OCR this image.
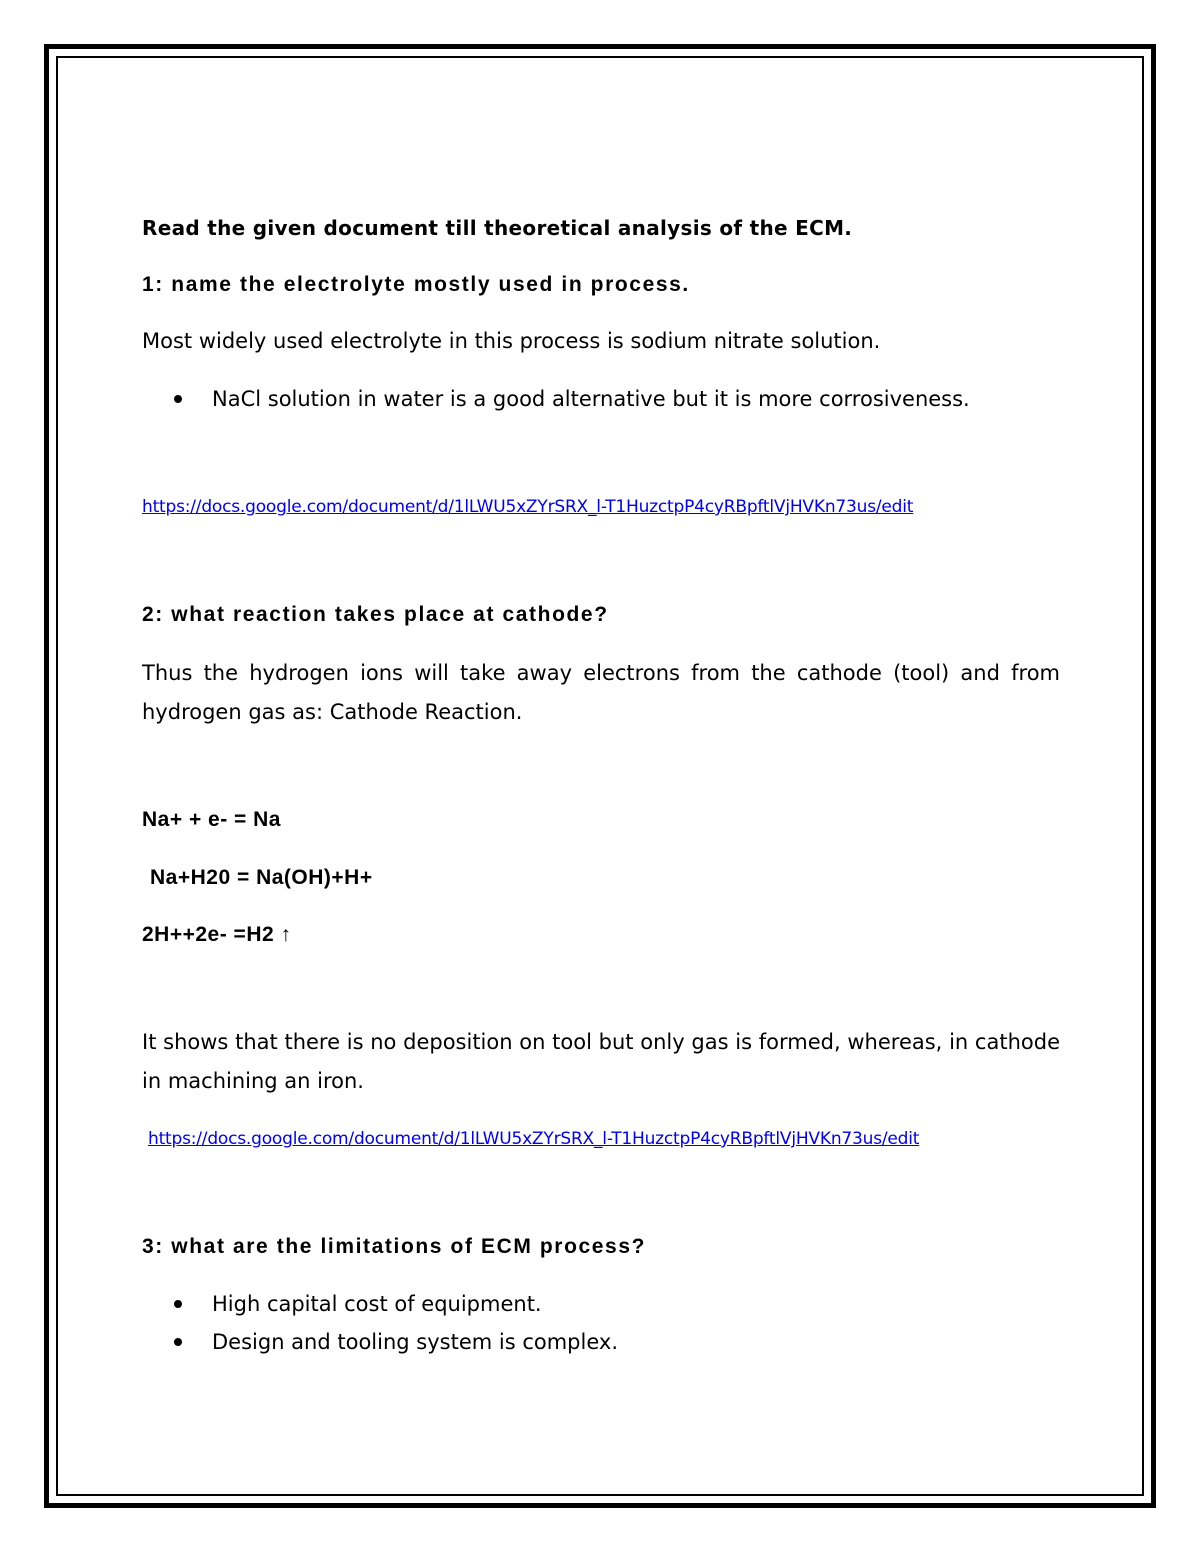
Read the given document till theoretical analysis of the ECM.
1: name the electrolyte mostly used in process.
Most widely used electrolyte in this process is sodium nitrate solution.
NaCl solution in water is a good alternative but it is more corrosiveness.
https://docs.google.com/document/d/1lLWU5xZYrSRX_l-T1HuzctpP4cyRBpftlVjHVKn73us/edit
2: what reaction takes place at cathode?
Thus the hydrogen ions will take away electrons from the cathode (tool) and from hydrogen gas as: Cathode Reaction.
Na+ + e- = Na
Na+H20 = Na(OH)+H+
2H++2e- =H2 ↑
It shows that there is no deposition on tool but only gas is formed, whereas, in cathode in machining an iron.
https://docs.google.com/document/d/1lLWU5xZYrSRX_l-T1HuzctpP4cyRBpftlVjHVKn73us/edit
3: what are the limitations of ECM process?
High capital cost of equipment.
Design and tooling system is complex.
